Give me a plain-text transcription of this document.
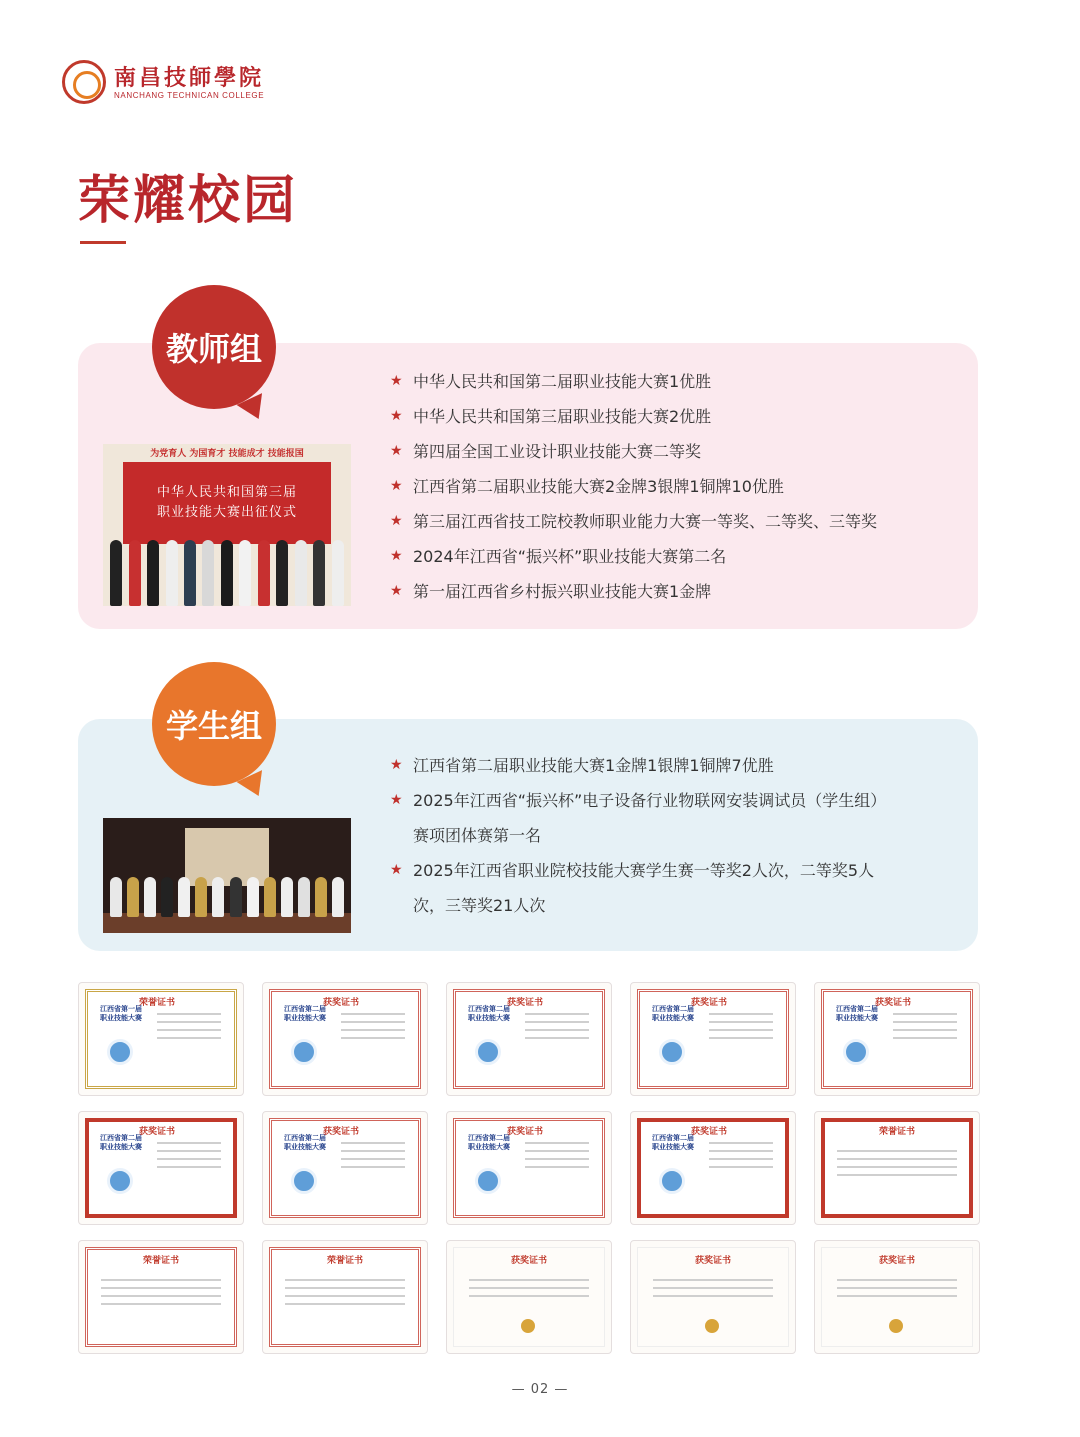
南昌技師學院
NANCHANG TECHNICAN COLLEGE
荣耀校园
教师组
为党育人 为国育才 技能成才 技能报国
中华人民共和国第三届
职业技能大赛出征仪式
★ 中华人民共和国第二届职业技能大赛1优胜
★ 中华人民共和国第三届职业技能大赛2优胜
★ 第四届全国工业设计职业技能大赛二等奖
★ 江西省第二届职业技能大赛2金牌3银牌1铜牌10优胜
★ 第三届江西省技工院校教师职业能力大赛一等奖、二等奖、三等奖
★ 2024年江西省“振兴杯”职业技能大赛第二名
★ 第一届江西省乡村振兴职业技能大赛1金牌
学生组
★ 江西省第二届职业技能大赛1金牌1银牌1铜牌7优胜
★ 2025年江西省“振兴杯”电子设备行业物联网安装调试员（学生组）
赛项团体赛第一名
★ 2025年江西省职业院校技能大赛学生赛一等奖2人次，二等奖5人
次，三等奖21人次
江西省第一届职业技能大赛
荣誉证书
江西省第二届职业技能大赛
获奖证书
江西省第二届职业技能大赛
获奖证书
江西省第二届职业技能大赛
获奖证书
江西省第二届职业技能大赛
获奖证书
江西省第二届职业技能大赛
获奖证书
江西省第二届职业技能大赛
获奖证书
江西省第二届职业技能大赛
获奖证书
江西省第二届职业技能大赛
获奖证书	荣誉证书
荣誉证书	荣誉证书	获奖证书	获奖证书	获奖证书
— 02 —
